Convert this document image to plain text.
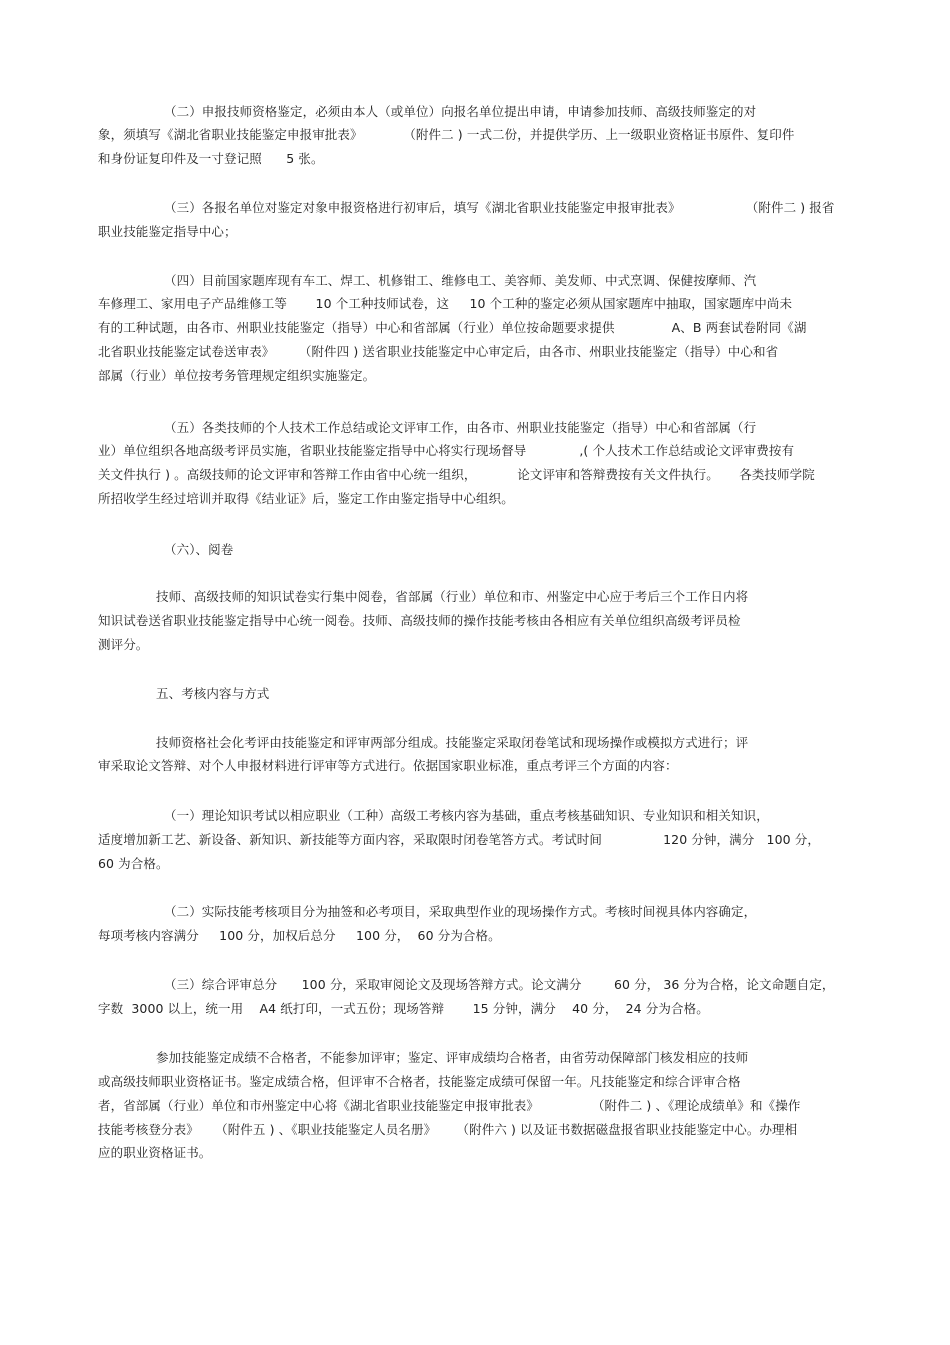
（二）申报技师资格鉴定，必须由本人（或单位）向报名单位提出申请，申请参加技师、高级技师鉴定的对
象，须填写《湖北省职业技能鉴定申报审批表》          （附件二 ) 一式二份，并提供学历、上一级职业资格证书原件、复印件
和身份证复印件及一寸登记照      5 张。
（三）各报名单位对鉴定对象申报资格进行初审后，填写《湖北省职业技能鉴定申报审批表》                （附件二 ) 报省
职业技能鉴定指导中心；
（四）目前国家题库现有车工、焊工、机修钳工、维修电工、美容师、美发师、中式烹调、保健按摩师、汽
车修理工、家用电子产品维修工等       10 个工种技师试卷，这     10 个工种的鉴定必须从国家题库中抽取，国家题库中尚未
有的工种试题，由各市、州职业技能鉴定（指导）中心和省部属（行业）单位按命题要求提供              A、B 两套试卷附同《湖
北省职业技能鉴定试卷送审表》      （附件四 ) 送省职业技能鉴定中心审定后，由各市、州职业技能鉴定（指导）中心和省
部属（行业）单位按考务管理规定组织实施鉴定。
（五）各类技师的个人技术工作总结或论文评审工作，由各市、州职业技能鉴定（指导）中心和省部属（行
业）单位组织各地高级考评员实施，省职业技能鉴定指导中心将实行现场督导             ,( 个人技术工作总结或论文评审费按有
关文件执行 ) 。高级技师的论文评审和答辩工作由省中心统一组织，          论文评审和答辩费按有关文件执行。     各类技师学院
所招收学生经过培训并取得《结业证》后，鉴定工作由鉴定指导中心组织。
（六）、阅卷
技师、高级技师的知识试卷实行集中阅卷，省部属（行业）单位和市、州鉴定中心应于考后三个工作日内将
知识试卷送省职业技能鉴定指导中心统一阅卷。技师、高级技师的操作技能考核由各相应有关单位组织高级考评员检
测评分。
五、考核内容与方式
技师资格社会化考评由技能鉴定和评审两部分组成。技能鉴定采取闭卷笔试和现场操作或模拟方式进行；评
审采取论文答辩、对个人申报材料进行评审等方式进行。依据国家职业标准，重点考评三个方面的内容：
（一）理论知识考试以相应职业（工种）高级工考核内容为基础，重点考核基础知识、专业知识和相关知识，
适度增加新工艺、新设备、新知识、新技能等方面内容，采取限时闭卷笔答方式。考试时间               120 分钟，满分   100 分，
60 为合格。
（二）实际技能考核项目分为抽签和必考项目，采取典型作业的现场操作方式。考核时间视具体内容确定，
每项考核内容满分     100 分，加权后总分     100 分，  60 分为合格。
（三）综合评审总分      100 分，采取审阅论文及现场答辩方式。论文满分        60 分， 36 分为合格，论文命题自定，
字数  3000 以上，统一用    A4 纸打印，一式五份；现场答辩       15 分钟，满分    40 分，  24 分为合格。
参加技能鉴定成绩不合格者，不能参加评审；鉴定、评审成绩均合格者，由省劳动保障部门核发相应的技师
或高级技师职业资格证书。鉴定成绩合格，但评审不合格者，技能鉴定成绩可保留一年。凡技能鉴定和综合评审合格
者，省部属（行业）单位和市州鉴定中心将《湖北省职业技能鉴定申报审批表》             （附件二 ) 、《理论成绩单》和《操作
技能考核登分表》    （附件五 ) 、《职业技能鉴定人员名册》     （附件六 ) 以及证书数据磁盘报省职业技能鉴定中心。办理相
应的职业资格证书。
